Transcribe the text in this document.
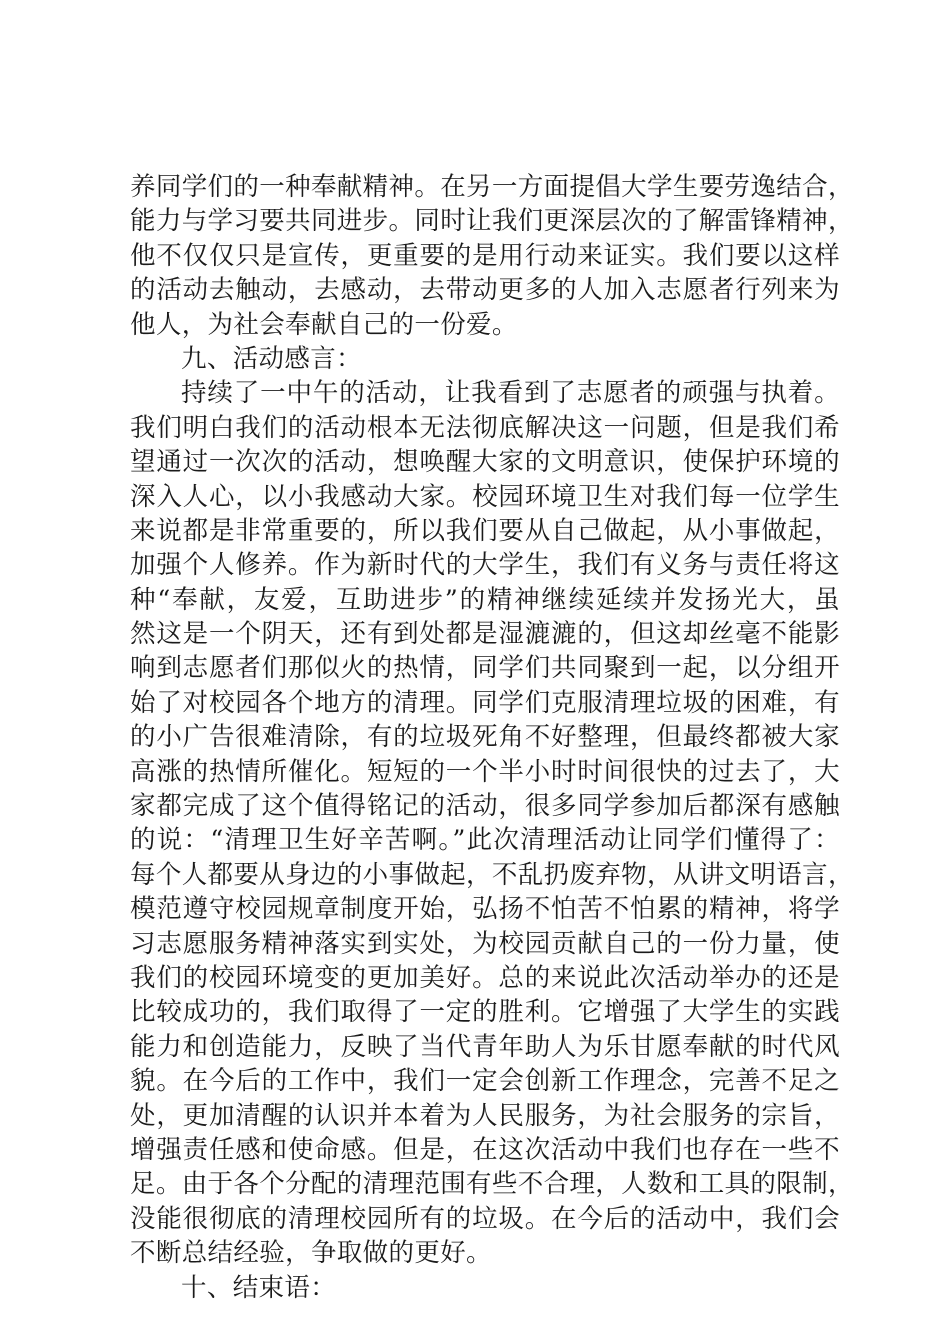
养同学们的一种奉献精神。在另一方面提倡大学生要劳逸结合，
能力与学习要共同进步。同时让我们更深层次的了解雷锋精神，
他不仅仅只是宣传，更重要的是用行动来证实。我们要以这样
的活动去触动，去感动，去带动更多的人加入志愿者行列来为
他人，为社会奉献自己的一份爱。
九、活动感言：
持续了一中午的活动，让我看到了志愿者的顽强与执着。
我们明白我们的活动根本无法彻底解决这一问题，但是我们希
望通过一次次的活动，想唤醒大家的文明意识，使保护环境的
深入人心，以小我感动大家。校园环境卫生对我们每一位学生
来说都是非常重要的，所以我们要从自己做起，从小事做起，
加强个人修养。作为新时代的大学生，我们有义务与责任将这
种“奉献，友爱，互助进步”的精神继续延续并发扬光大，虽
然这是一个阴天，还有到处都是湿漉漉的，但这却丝毫不能影
响到志愿者们那似火的热情，同学们共同聚到一起，以分组开
始了对校园各个地方的清理。同学们克服清理垃圾的困难，有
的小广告很难清除，有的垃圾死角不好整理，但最终都被大家
高涨的热情所催化。短短的一个半小时时间很快的过去了，大
家都完成了这个值得铭记的活动，很多同学参加后都深有感触
的说：“清理卫生好辛苦啊。”此次清理活动让同学们懂得了：
每个人都要从身边的小事做起，不乱扔废弃物，从讲文明语言，
模范遵守校园规章制度开始，弘扬不怕苦不怕累的精神，将学
习志愿服务精神落实到实处，为校园贡献自己的一份力量，使
我们的校园环境变的更加美好。总的来说此次活动举办的还是
比较成功的，我们取得了一定的胜利。它增强了大学生的实践
能力和创造能力，反映了当代青年助人为乐甘愿奉献的时代风
貌。在今后的工作中，我们一定会创新工作理念，完善不足之
处，更加清醒的认识并本着为人民服务，为社会服务的宗旨，
增强责任感和使命感。但是，在这次活动中我们也存在一些不
足。由于各个分配的清理范围有些不合理，人数和工具的限制，
没能很彻底的清理校园所有的垃圾。在今后的活动中，我们会
不断总结经验，争取做的更好。
十、结束语：
